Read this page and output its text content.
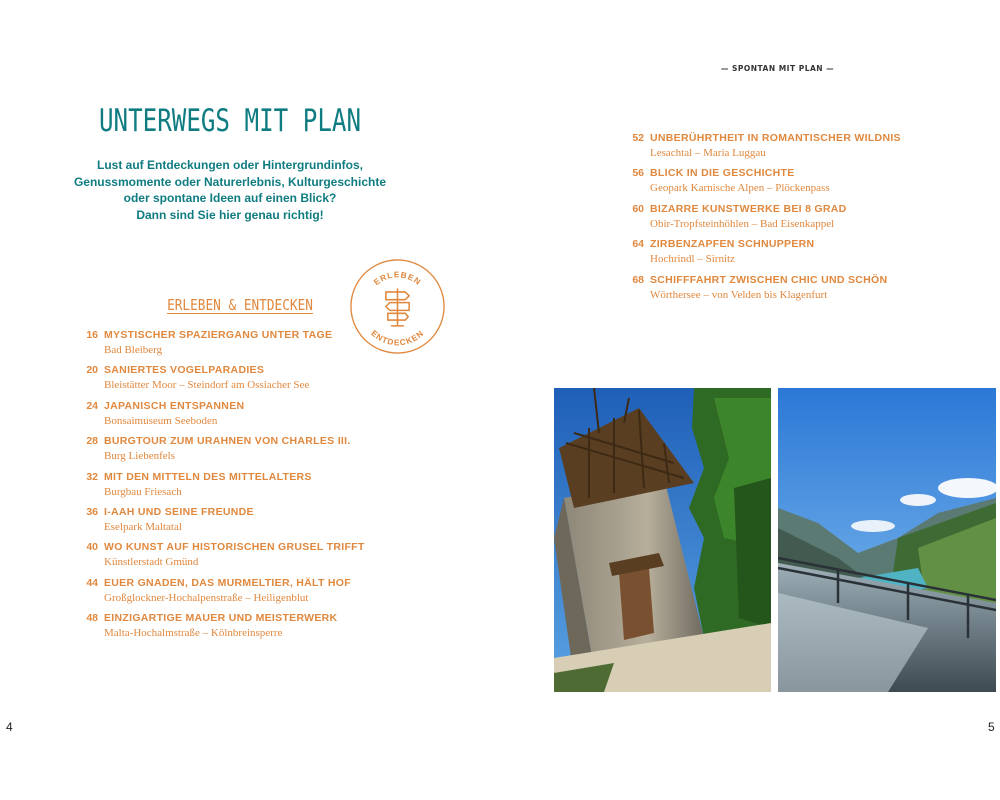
— SPONTAN MIT PLAN —
UNTERWEGS MIT PLAN
Lust auf Entdeckungen oder Hintergrundinfos,
Genussmomente oder Naturerlebnis, Kulturgeschichte
oder spontane Ideen auf einen Blick?
Dann sind Sie hier genau richtig!
ERLEBEN & ENTDECKEN
ERLEBEN
ENTDECKEN
16 MYSTISCHER SPAZIERGANG UNTER TAGE
Bad Bleiberg
20 SANIERTES VOGELPARADIES
Bleistätter Moor – Steindorf am Ossiacher See
24 JAPANISCH ENTSPANNEN
Bonsaimuseum Seeboden
28 BURGTOUR ZUM URAHNEN VON CHARLES III.
Burg Liebenfels
32 MIT DEN MITTELN DES MITTELALTERS
Burgbau Friesach
36 I-AAH UND SEINE FREUNDE
Eselpark Maltatal
40 WO KUNST AUF HISTORISCHEN GRUSEL TRIFFT
Künstlerstadt Gmünd
44 EUER GNADEN, DAS MURMELTIER, HÄLT HOF
Großglockner-Hochalpenstraße – Heiligenblut
48 EINZIGARTIGE MAUER UND MEISTERWERK
Malta-Hochalmstraße – Kölnbreinsperre
52 UNBERÜHRTHEIT IN ROMANTISCHER WILDNIS
Lesachtal – Maria Luggau
56 BLICK IN DIE GESCHICHTE
Geopark Karnische Alpen – Plöckenpass
60 BIZARRE KUNSTWERKE BEI 8 GRAD
Obir-Tropfsteinhöhlen – Bad Eisenkappel
64 ZIRBENZAPFEN SCHNUPPERN
Hochrindl – Sirnitz
68 SCHIFFFAHRT ZWISCHEN CHIC UND SCHÖN
Wörthersee – von Velden bis Klagenfurt
4	5
